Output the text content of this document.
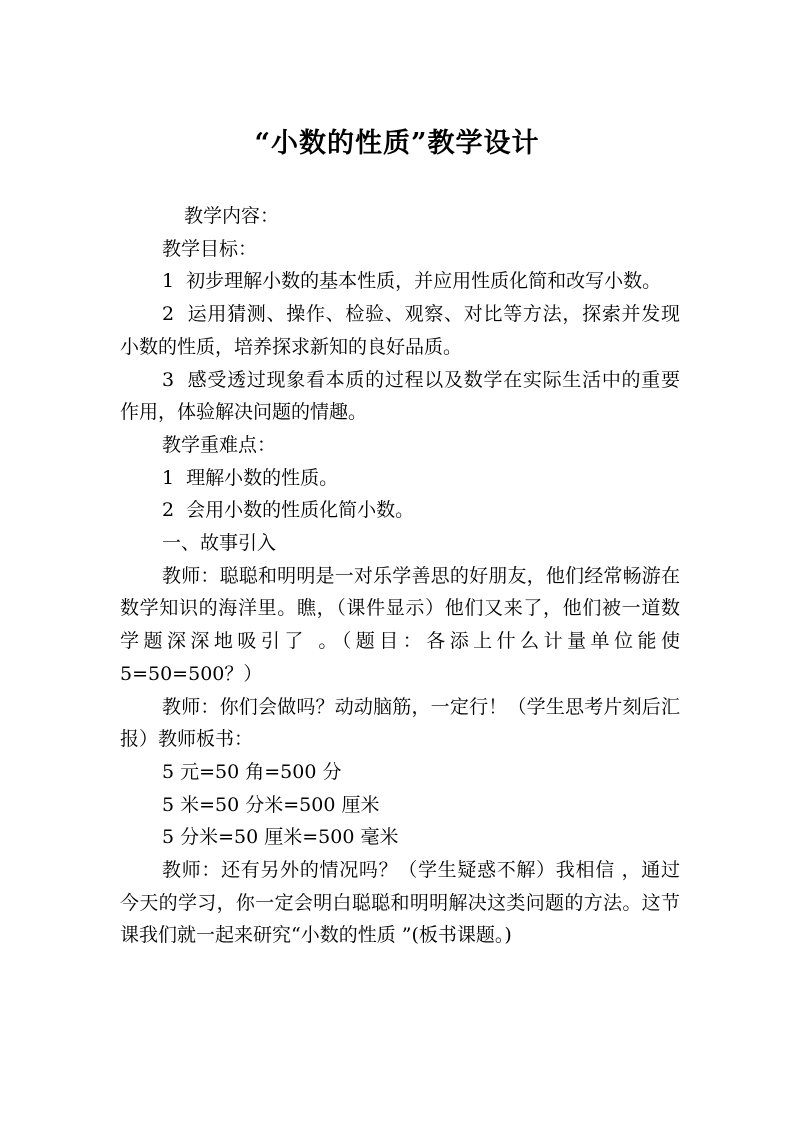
“小数的性质”教学设计

教学内容：

教学目标：

1  初步理解小数的基本性质，并应用性质化简和改写小数。

2  运用猜测、操作、检验、观察、对比等方法，探索并发现小数的性质，培养探求新知的良好品质。

3  感受透过现象看本质的过程以及数学在实际生活中的重要作用，体验解决问题的情趣。

教学重难点：

1  理解小数的性质。

2  会用小数的性质化简小数。

一、故事引入

教师：聪聪和明明是一对乐学善思的好朋友，他们经常畅游在数学知识的海洋里。瞧，（课件显示）他们又来了，他们被一道数学题深深地吸引了 。（题目：各添上什么计量单位能使 5=50=500？）

教师：你们会做吗？动动脑筋，一定行！（学生思考片刻后汇报）教师板书：

5 元=50 角=500 分

5 米=50 分米=500 厘米

5 分米=50 厘米=500 毫米

教师：还有另外的情况吗？（学生疑惑不解）我相信 ，通过今天的学习，你一定会明白聪聪和明明解决这类问题的方法。这节课我们就一起来研究“小数的性质 ”(板书课题。)
